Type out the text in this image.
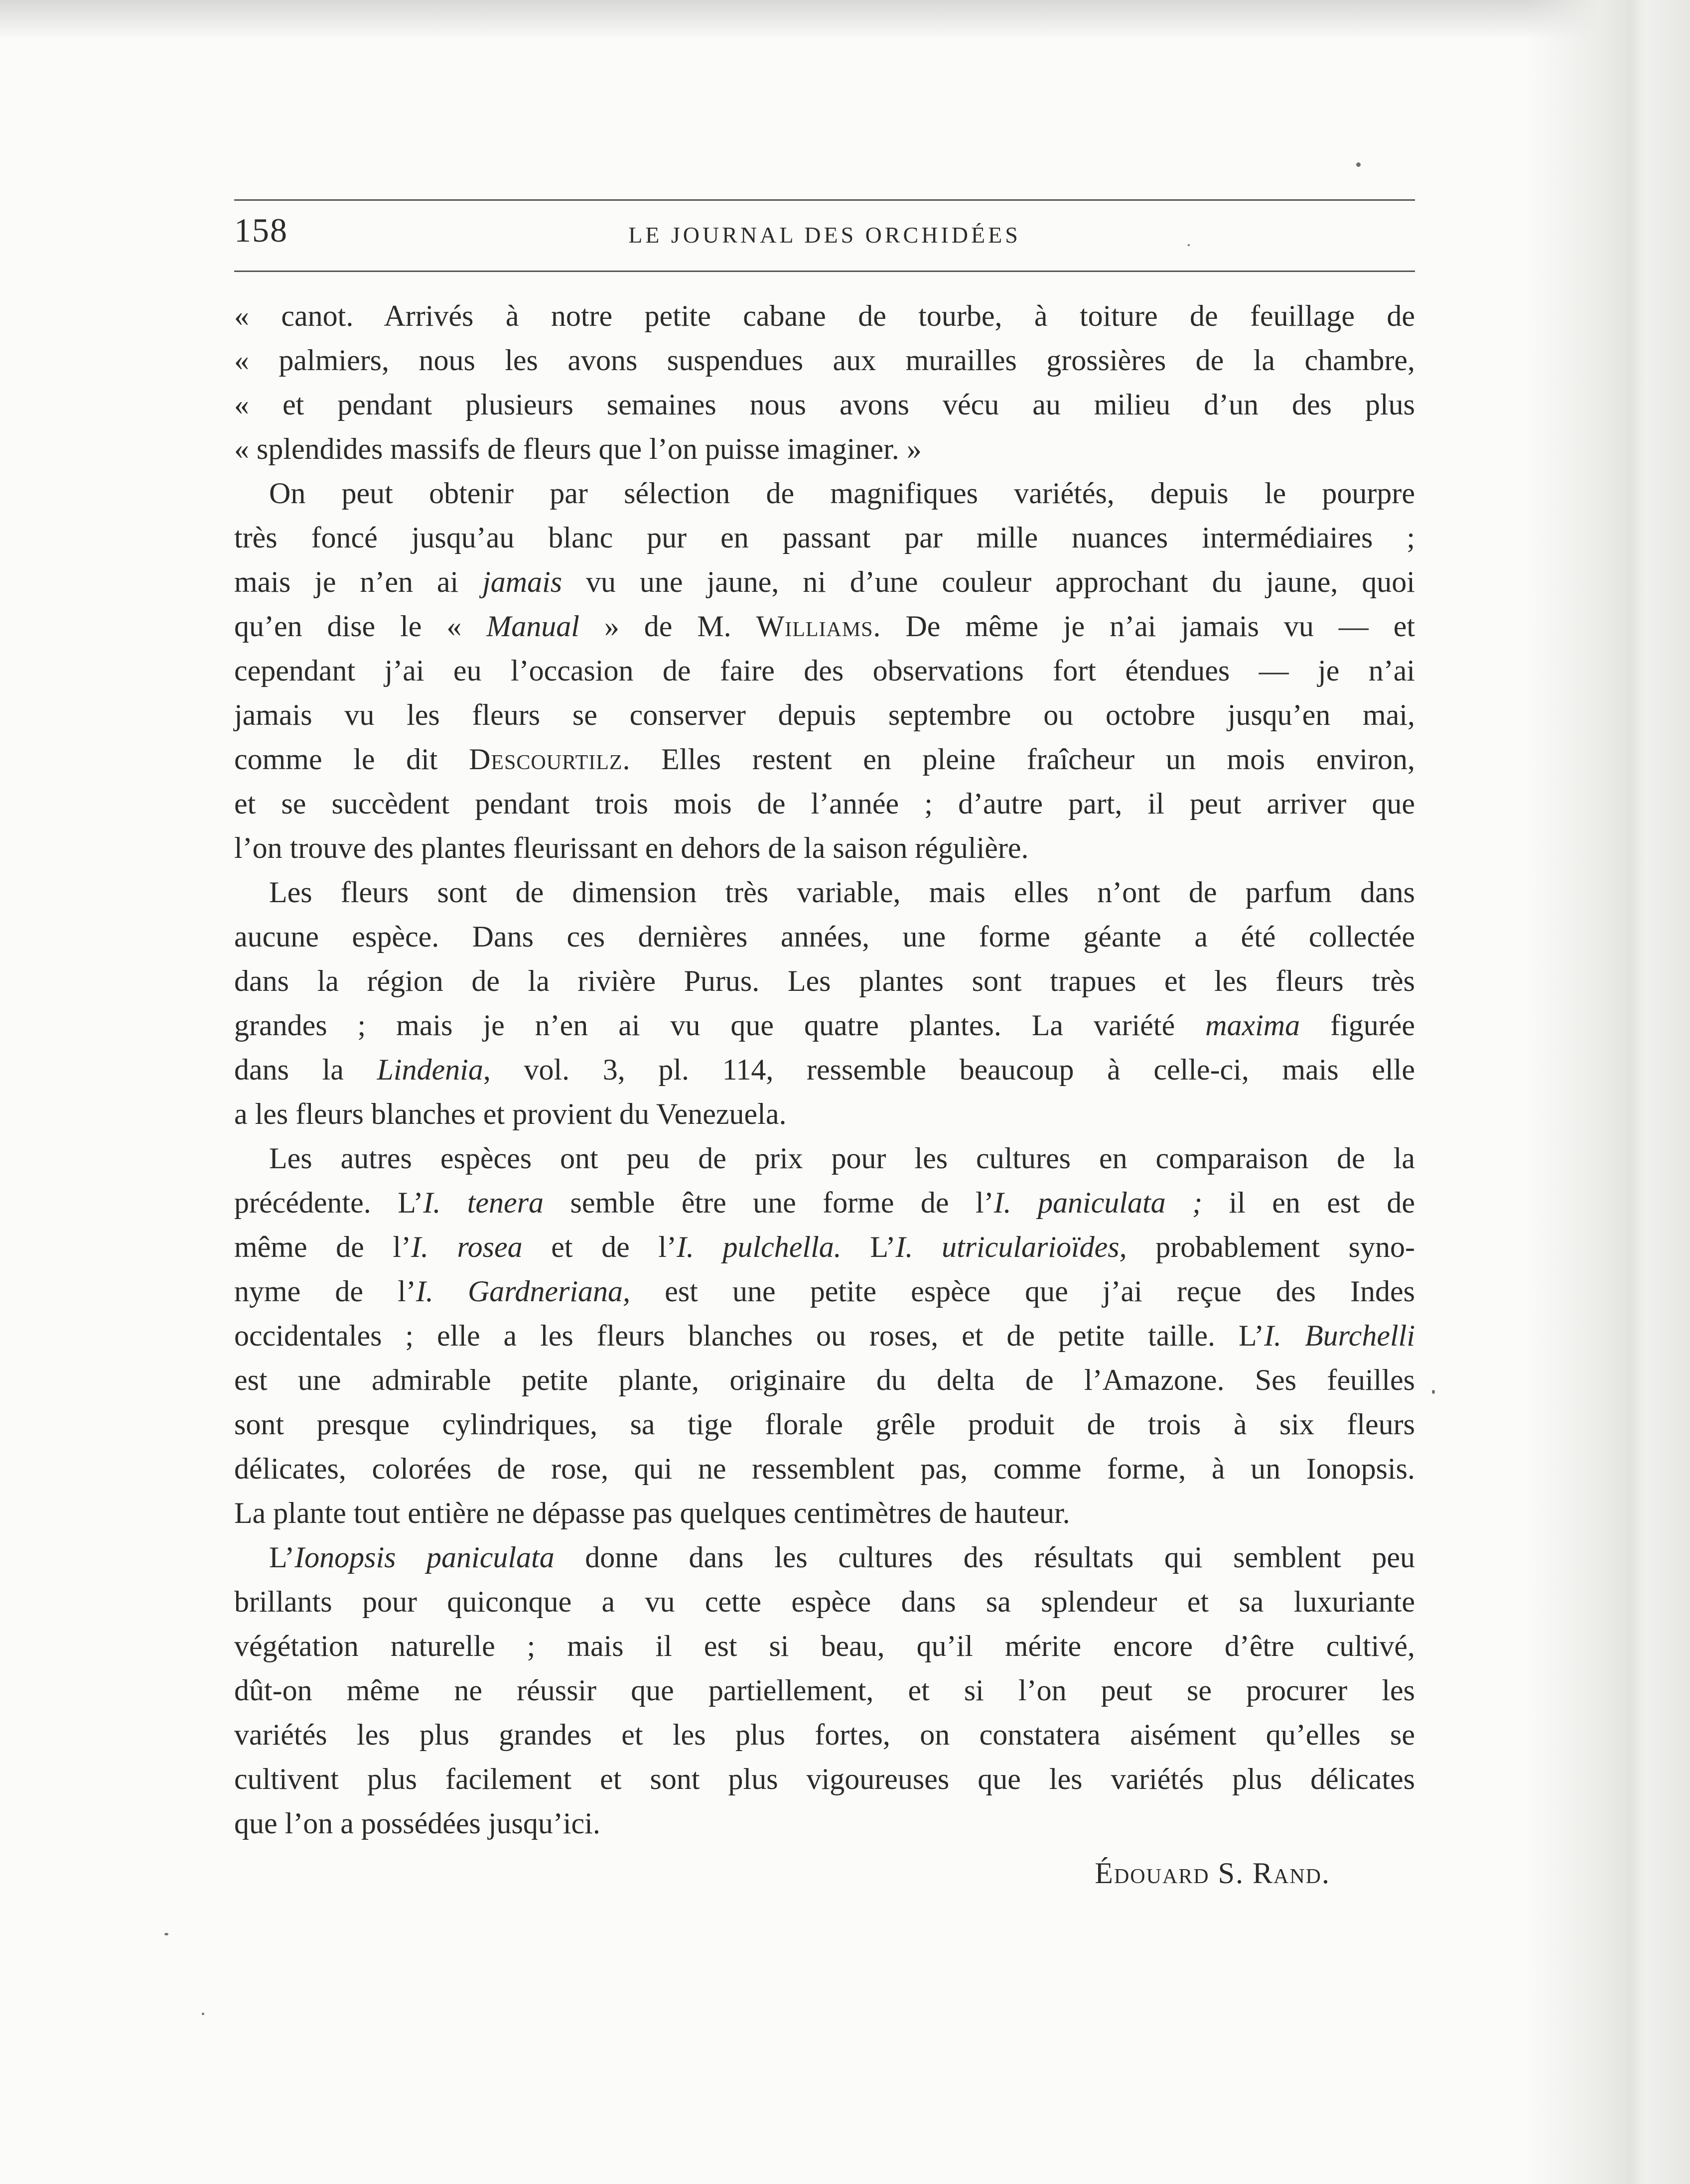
158	LE JOURNAL DES ORCHIDÉES
« canot. Arrivés à notre petite cabane de tourbe, à toiture de feuillage de
« palmiers, nous les avons suspendues aux murailles grossières de la chambre,
« et pendant plusieurs semaines nous avons vécu au milieu d’un des plus
« splendides massifs de fleurs que l’on puisse imaginer. »
On peut obtenir par sélection de magnifiques variétés, depuis le pourpre
très foncé jusqu’au blanc pur en passant par mille nuances intermédiaires ;
mais je n’en ai jamais vu une jaune, ni d’une couleur approchant du jaune, quoi
qu’en dise le « Manual » de M. Williams. De même je n’ai jamais vu — et
cependant j’ai eu l’occasion de faire des observations fort étendues — je n’ai
jamais vu les fleurs se conserver depuis septembre ou octobre jusqu’en mai,
comme le dit Descourtilz. Elles restent en pleine fraîcheur un mois environ,
et se succèdent pendant trois mois de l’année ; d’autre part, il peut arriver que
l’on trouve des plantes fleurissant en dehors de la saison régulière.
Les fleurs sont de dimension très variable, mais elles n’ont de parfum dans
aucune espèce. Dans ces dernières années, une forme géante a été collectée
dans la région de la rivière Purus. Les plantes sont trapues et les fleurs très
grandes ; mais je n’en ai vu que quatre plantes. La variété maxima figurée
dans la Lindenia, vol. 3, pl. 114, ressemble beaucoup à celle-ci, mais elle
a les fleurs blanches et provient du Venezuela.
Les autres espèces ont peu de prix pour les cultures en comparaison de la
précédente. L’I. tenera semble être une forme de l’I. paniculata ; il en est de
même de l’I. rosea et de l’I. pulchella. L’I. utricularioïdes, probablement syno-
nyme de l’I. Gardneriana, est une petite espèce que j’ai reçue des Indes
occidentales ; elle a les fleurs blanches ou roses, et de petite taille. L’I. Burchelli
est une admirable petite plante, originaire du delta de l’Amazone. Ses feuilles
sont presque cylindriques, sa tige florale grêle produit de trois à six fleurs
délicates, colorées de rose, qui ne ressemblent pas, comme forme, à un Ionopsis.
La plante tout entière ne dépasse pas quelques centimètres de hauteur.
L’Ionopsis paniculata donne dans les cultures des résultats qui semblent peu
brillants pour quiconque a vu cette espèce dans sa splendeur et sa luxuriante
végétation naturelle ; mais il est si beau, qu’il mérite encore d’être cultivé,
dût-on même ne réussir que partiellement, et si l’on peut se procurer les
variétés les plus grandes et les plus fortes, on constatera aisément qu’elles se
cultivent plus facilement et sont plus vigoureuses que les variétés plus délicates
que l’on a possédées jusqu’ici.
Édouard S. Rand.
